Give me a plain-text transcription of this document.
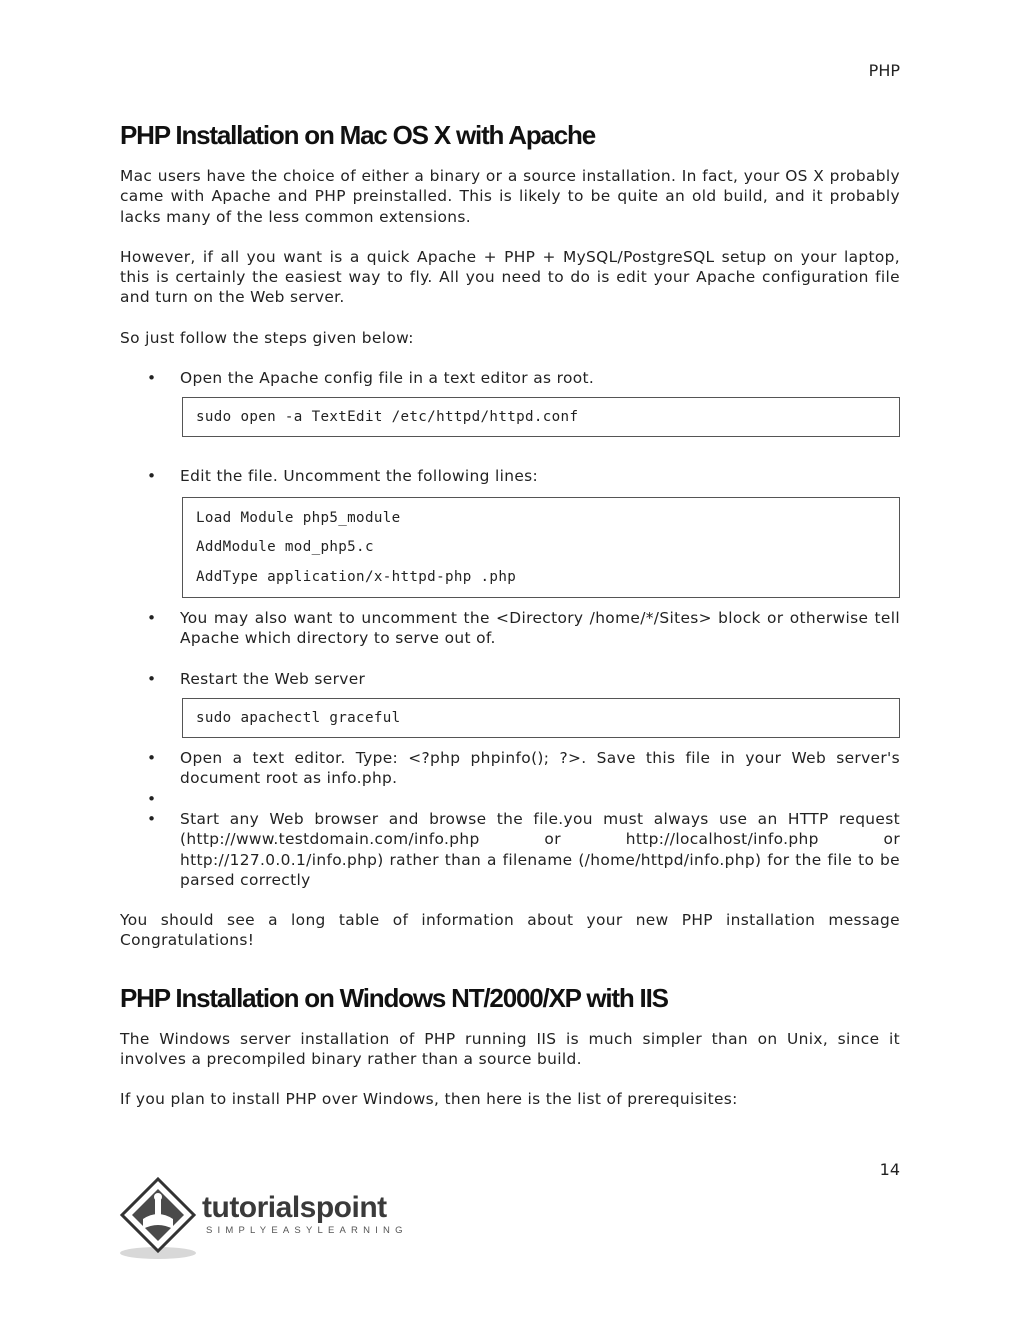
PHP
PHP Installation on Mac OS X with Apache

Mac users have the choice of either a binary or a source installation. In fact, your OS X probably came with Apache and PHP preinstalled. This is likely to be quite an old build, and it probably lacks many of the less common extensions.

However, if all you want is a quick Apache + PHP + MySQL/PostgreSQL setup on your laptop, this is certainly the easiest way to fly. All you need to do is edit your Apache configuration file and turn on the Web server.

So just follow the steps given below:

• Open the Apache config file in a text editor as root.
sudo open -a TextEdit /etc/httpd/httpd.conf
• Edit the file. Uncomment the following lines:
Load Module php5_module
AddModule mod_php5.c
AddType application/x-httpd-php .php
• You may also want to uncomment the <Directory /home/*/Sites> block or otherwise tell Apache which directory to serve out of.
• Restart the Web server
sudo apachectl graceful
• Open a text editor. Type: <?php phpinfo(); ?>. Save this file in your Web server's document root as info.php.
•
• Start any Web browser and browse the file.you must always use an HTTP request (http://www.testdomain.com/info.php or http://localhost/info.php or http://127.0.0.1/info.php) rather than a filename (/home/httpd/info.php) for the file to be parsed correctly

You should see a long table of information about your new PHP installation message Congratulations!

PHP Installation on Windows NT/2000/XP with IIS

The Windows server installation of PHP running IIS is much simpler than on Unix, since it involves a precompiled binary rather than a source build.

If you plan to install PHP over Windows, then here is the list of prerequisites:

14
tutorialspoint
SIMPLYEASYLEARNING
